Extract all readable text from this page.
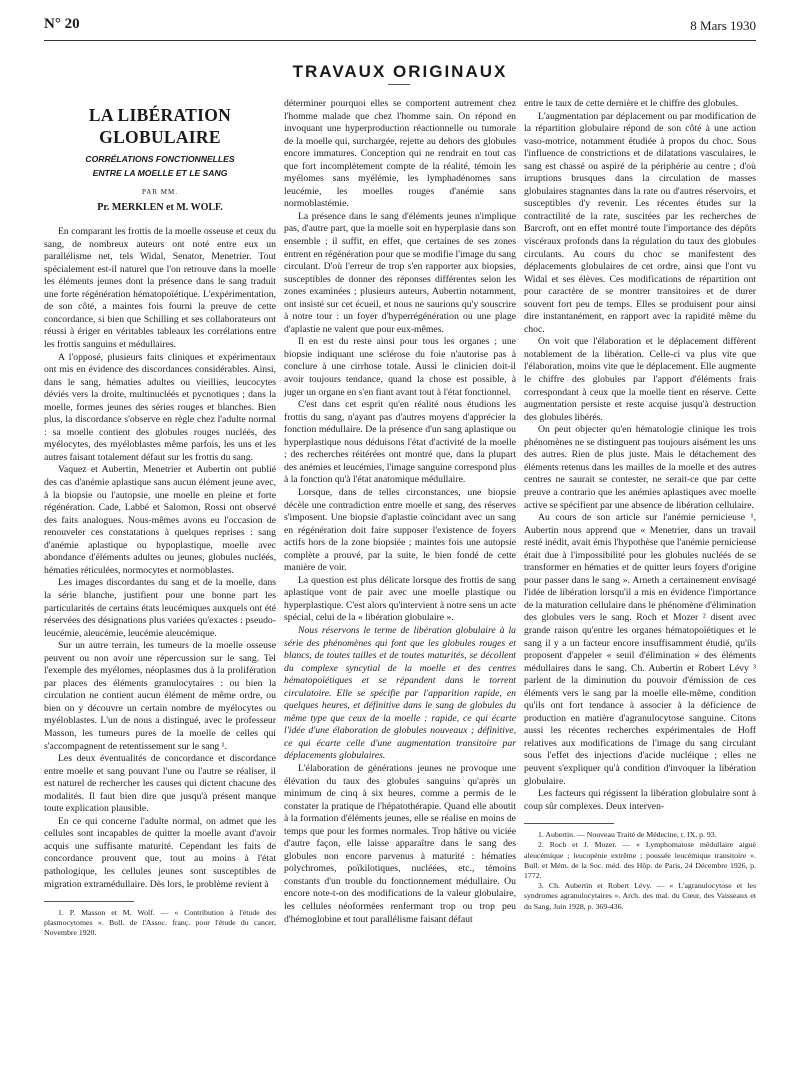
N° 20	8 Mars 1930
TRAVAUX ORIGINAUX
LA LIBÉRATION GLOBULAIRE
CORRÉLATIONS FONCTIONNELLES
ENTRE LA MOELLE ET LE SANG
PAR MM.
Pr. MERKLEN et M. WOLF.

En comparant les frottis de la moelle osseuse et ceux du sang, de nombreux auteurs ont noté entre eux un parallélisme net, tels Widal, Senator, Menetrier. Tout spécialement est-il naturel que l'on retrouve dans la moelle les éléments jeunes dont la présence dans le sang traduit une forte régénération hématopoïétique. L'expérimentation, de son côté, a maintes fois fourni la preuve de cette concordance, si bien que Schilling et ses collaborateurs ont réussi à ériger en véritables tableaux les corrélations entre les frottis sanguins et médullaires.

A l'opposé, plusieurs faits cliniques et expérimentaux ont mis en évidence des discordances considérables. Ainsi, dans le sang, hématies adultes ou vieillies, leucocytes déviés vers la droite, multinucléés et pycnotiques ; dans la moelle, formes jeunes des séries rouges et blanches. Bien plus, la discordance s'observe en règle chez l'adulte normal : sa moelle contient des globules rouges nucléés, des myélocytes, des myéloblastes même parfois, les uns et les autres faisant totalement défaut sur les frottis du sang.

Vaquez et Aubertin, Menetrier et Aubertin ont publié des cas d'anémie aplastique sans aucun élément jeune avec, à la biopsie ou l'autopsie, une moelle en pleine et forte régénération. Cade, Labbé et Salomon, Rossi ont observé des faits analogues. Nous-mêmes avons eu l'occasion de renouveler ces constatations à quelques reprises : sang d'anémie aplastique ou hypoplastique, moelle avec abondance d'éléments adultes ou jeunes, globules nucléés, hématies réticulées, normocytes et normoblastes.

Les images discordantes du sang et de la moelle, dans la série blanche, justifient pour une bonne part les particularités de certains états leucémiques auxquels ont été réservées des désignations plus variées qu'exactes : pseudo-leucémie, aleucémie, leucémie aleucémique.

Sur un autre terrain, les tumeurs de la moelle osseuse peuvent ou non avoir une répercussion sur le sang. Tel l'exemple des myélomes, néoplasmes dus à la prolifération par places des éléments granulocytaires : ou bien la circulation ne contient aucun élément de même ordre, ou bien on y découvre un certain nombre de myélocytes ou myéloblastes. L'un de nous a distingué, avec le professeur Masson, les tumeurs pures de la moelle de celles qui s'accompagnent de retentissement sur le sang ¹.

Les deux éventualités de concordance et discordance entre moelle et sang pouvant l'une ou l'autre se réaliser, il est naturel de rechercher les causes qui dictent chacune des modalités. Il faut bien dire que jusqu'à présent manque toute explication plausible.

En ce qui concerne l'adulte normal, on admet que les cellules sont incapables de quitter la moelle avant d'avoir acquis une suffisante maturité. Cependant les faits de concordance prouvent que, tout au moins à l'état pathologique, les cellules jeunes sont susceptibles de migration extramédullaire. Dès lors, le problème revient à

1. P. Masson et M. Wolf. — « Contribution à l'étude des plasmocytomes ». Bull. de l'Assoc. franç. pour l'étude du cancer, Novembre 1920.

déterminer pourquoi elles se comportent autrement chez l'homme malade que chez l'homme sain. On répond en invoquant une hyperproduction réactionnelle ou tumorale de la moelle qui, surchargée, rejette au dehors des globules encore immatures. Conception qui ne rendrait en tout cas que fort incomplètement compte de la réalité, témoin les myélomes sans myélémie, les lymphadénomes sans leucémie, les moelles rouges d'anémie sans normoblastémie.

La présence dans le sang d'éléments jeunes n'implique pas, d'autre part, que la moelle soit en hyperplasie dans son ensemble ; il suffit, en effet, que certaines de ses zones entrent en régénération pour que se modifie l'image du sang circulant. D'où l'erreur de trop s'en rapporter aux biopsies, susceptibles de donner des réponses différentes selon les zones examinées ; plusieurs auteurs, Aubertin notamment, ont insisté sur cet écueil, et nous ne saurions qu'y souscrire à notre tour : un foyer d'hyperrégénération ou une plage d'aplastie ne valent que pour eux-mêmes.

Il en est du reste ainsi pour tous les organes ; une biopsie indiquant une sclérose du foie n'autorise pas à conclure à une cirrhose totale. Aussi le clinicien doit-il avoir toujours tendance, quand la chose est possible, à juger un organe en s'en fiant avant tout à l'état fonctionnel.

C'est dans cet esprit qu'en réalité nous étudions les frottis du sang, n'ayant pas d'autres moyens d'apprécier la fonction médullaire. De la présence d'un sang aplastique ou hyperplastique nous déduisons l'état d'activité de la moelle ; des recherches réitérées ont montré que, dans la plupart des anémies et leucémies, l'image sanguine correspond plus à la fonction qu'à l'état anatomique médullaire.

Lorsque, dans de telles circonstances, une biopsie décèle une contradiction entre moelle et sang, des réserves s'imposent. Une biopsie d'aplastie coïncidant avec un sang en régénération doit faire supposer l'existence de foyers actifs hors de la zone biopsiée ; maintes fois une autopsie complète a prouvé, par la suite, le bien fondé de cette manière de voir.

La question est plus délicate lorsque des frottis de sang aplastique vont de pair avec une moelle plastique ou hyperplastique. C'est alors qu'intervient à notre sens un acte spécial, celui de la « libération globulaire ».

Nous réservons le terme de libération globulaire à la série des phénomènes qui font que les globules rouges et blancs, de toutes tailles et de toutes maturités, se décollent du complexe syncytial de la moelle et des centres hématopoïétiques et se répandent dans le torrent circulatoire. Elle se spécifie par l'apparition rapide, en quelques heures, et définitive dans le sang de globules du même type que ceux de la moelle : rapide, ce qui écarte l'idée d'une élaboration de globules nouveaux ; définitive, ce qui écarte celle d'une augmentation transitoire par déplacements globulaires.

L'élaboration de générations jeunes ne provoque une élévation du taux des globules sanguins qu'après un minimum de cinq à six heures, comme a permis de le constater la pratique de l'hépatothérapie. Quand elle aboutit à la formation d'éléments jeunes, elle se réalise en moins de temps que pour les formes normales. Trop hâtive ou viciée d'autre façon, elle laisse apparaître dans le sang des globules non encore parvenus à maturité : hématies polychromes, poïkilotiques, nucléées, etc., témoins constants d'un trouble du fonctionnement médullaire. Ou encore note-t-on des modifications de la valeur globulaire, les cellules néoformées renfermant trop ou trop peu d'hémoglobine et tout parallélisme faisant défaut

entre le taux de cette dernière et le chiffre des globules.

L'augmentation par déplacement ou par modification de la répartition globulaire répond de son côté à une action vaso-motrice, notamment étudiée à propos du choc. Sous l'influence de constrictions et de dilatations vasculaires, le sang est chassé ou aspiré de la périphérie au centre ; d'où irruptions brusques dans la circulation de masses globulaires stagnantes dans la rate ou d'autres réservoirs, et susceptibles d'y revenir. Les récentes études sur la contractilité de la rate, suscitées par les recherches de Barcroft, ont en effet montré toute l'importance des dépôts viscéraux profonds dans la régulation du taux des globules circulants. Au cours du choc se manifestent des déplacements globulaires de cet ordre, ainsi que l'ont vu Widal et ses élèves. Ces modifications de répartition ont pour caractère de se montrer transitoires et de durer souvent fort peu de temps. Elles se produisent pour ainsi dire instantanément, en rapport avec la rapidité même du choc.

On voit que l'élaboration et le déplacement diffèrent notablement de la libération. Celle-ci va plus vite que l'élaboration, moins vite que le déplacement. Elle augmente le chiffre des globules par l'apport d'éléments frais correspondant à ceux que la moelle tient en réserve. Cette augmentation persiste et reste acquise jusqu'à destruction des globules libérés.

On peut objecter qu'en hématologie clinique les trois phénomènes ne se distinguent pas toujours aisément les uns des autres. Rien de plus juste. Mais le détachement des éléments retenus dans les mailles de la moelle et des autres centres ne saurait se contester, ne serait-ce que par cette preuve a contrario que les anémies aplastiques avec moelle active se spécifient par une absence de libération cellulaire.

Au cours de son article sur l'anémie pernicieuse ¹, Aubertin nous apprend que « Menetrier, dans un travail resté inédit, avait émis l'hypothèse que l'anémie pernicieuse était due à l'impossibilité pour les globules nucléés de se transformer en hématies et de quitter leurs foyers d'origine pour passer dans le sang ». Arneth a certainement envisagé l'idée de libération lorsqu'il a mis en évidence l'importance de la maturation cellulaire dans le phénomène d'élimination des globules vers le sang. Roch et Mozer ² disent avec grande raison qu'entre les organes hématopoïétiques et le sang il y a un facteur encore insuffisamment étudié, qu'ils proposent d'appeler « seuil d'élimination » des éléments médullaires dans le sang. Ch. Aubertin et Robert Lévy ³ parlent de la diminution du pouvoir d'émission de ces éléments vers le sang par la moelle elle-même, condition qu'ils ont fort tendance à associer à la déficience de production en matière d'agranulocytose sanguine. Citons aussi les récentes recherches expérimentales de Hoff relatives aux modifications de l'image du sang circulant sous l'effet des injections d'acide nucléique ; elles ne peuvent s'expliquer qu'à condition d'invoquer la libération globulaire.

Les facteurs qui régissent la libération globulaire sont à coup sûr complexes. Deux interven-

1. Aubertin. — Nouveau Traité de Médecine, t. IX, p. 93.

2. Roch et J. Mozer. — « Lymphomatose médullaire aiguë aleucémique ; leucopénie extrême ; poussée leucémique transitoire ». Bull. et Mém. de la Soc. méd. des Hôp. de Paris, 24 Décembre 1926, p. 1772.

3. Ch. Aubertin et Robert Lévy. — « L'agranulocytose et les syndromes agranulocytaires ». Arch. des mal. du Cœur, des Vaisseaux et du Sang, Juin 1928, p. 369-436.
